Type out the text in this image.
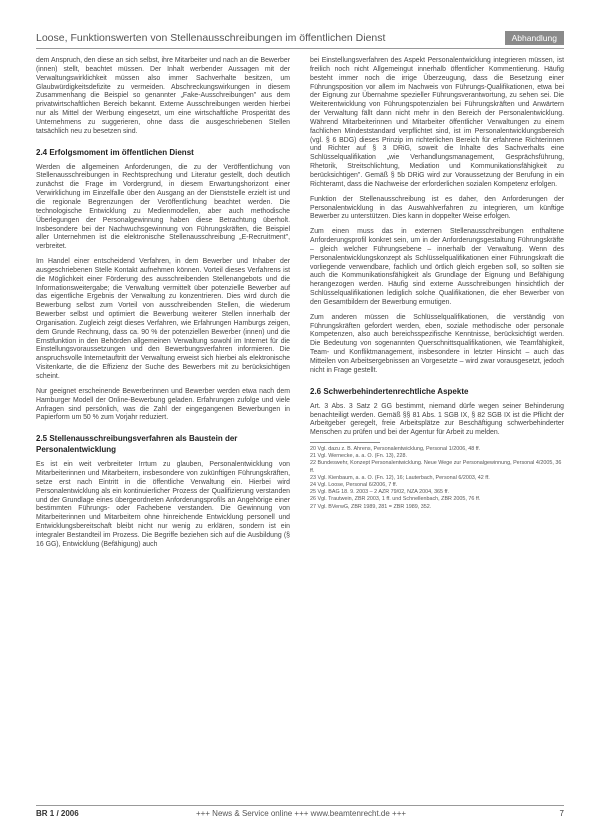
Loose, Funktionswerten von Stellenausschreibungen im öffentlichen Dienst	Abhandlung

dem Anspruch, den diese an sich selbst, ihre Mitarbeiter und nach an die Bewerber (innen) stellt, beachtet müssen. Der Inhalt werbender Aussagen mit der Verwaltungswirklichkeit müssen also immer Sachverhalte besitzen, um Glaubwürdigkeitsdefizite zu vermeiden. Abschreckungswirkungen in diesem Zusammenhang die Beispiel so genannter „Fake-Ausschreibungen" aus dem privatwirtschaftlichen Bereich bekannt. Externe Ausschreibungen werden hierbei nur als Mittel der Werbung eingesetzt, um eine wirtschaftliche Prosperität des Unternehmens zu suggerieren, ohne dass die ausgeschriebenen Stellen tatsächlich neu zu besetzen sind.

2.4 Erfolgsmoment im öffentlichen Dienst

Werden die allgemeinen Anforderungen, die zu der Veröffentlichung von Stellenausschreibungen in Rechtsprechung und Literatur gestellt, doch deutlich zunächst die Frage im Vordergrund, in diesem Erwartungshorizont einer Verwirklichung im Einzelfalle über den Ausgang an der Dienststelle erzielt ist und die regionale Begrenzungen der Veröffentlichung beachtet werden. Die technologische Entwicklung zu Medienmodellen, aber auch methodische Überlegungen der Personalgewinnung haben diese Betrachtung überholt. Insbesondere bei der Nachwuchsgewinnung von Führungskräften, die Beispiel aller Unternehmen ist die elektronische Stellenausschreibung „E-Recruitment", verbreitet.

Im Handel einer entscheidend Verfahren, in dem Bewerber und Inhaber der ausgeschriebenen Stelle Kontakt aufnehmen können. Vorteil dieses Verfahrens ist die Möglichkeit einer Förderung des ausschreibenden Stellenangebots und die Informationsweitergabe; die Verwaltung vermittelt über potenzielle Bewerber auf das eigentliche Ergebnis der Verwaltung zu konzentrieren. Dies wird durch die Bewerbung selbst zum Vorteil von ausschreibenden Stellen, die wiederum Bewerber selbst und optimiert die Bewerbung weiterer Stellen innerhalb der Organisation. Zugleich zeigt dieses Verfahren, wie Erfahrungen Hamburgs zeigen, dem Grunde Rechnung, dass ca. 90 % der potenziellen Bewerber (innen) und die Ernstfunktion in den Behörden allgemeinen Verwaltung sowohl im Internet für die Einstellungsvoraussetzungen und den Bewerbungsverfahren informieren. Die anspruchsvolle Internetauftritt der Verwaltung erweist sich hierbei als elektronische Visitenkarte, die die Effizienz der Suche des Bewerbers mit zu berücksichtigen scheint.

Nur geeignet erscheinende Bewerberinnen und Bewerber werden etwa nach dem Hamburger Modell der Online-Bewerbung geladen. Erfahrungen zufolge und viele Anfragen sind persönlich, was die Zahl der eingegangenen Bewerbungen in Papierform um 50 % zum Vorjahr reduziert.

2.5 Stellenausschreibungsverfahren als Baustein der Personalentwicklung

Es ist ein weit verbreiteter Irrtum zu glauben, Personalentwicklung von Mitarbeiterinnen und Mitarbeitern, insbesondere von zukünftigen Führungskräften, setze erst nach Eintritt in die öffentliche Verwaltung ein. Hierbei wird Personalentwicklung als ein kontinuierlicher Prozess der Qualifizierung verstanden und der Grundlage eines übergeordneten Anforderungsprofils an Angehörige einer bestimmten Führungs- oder Fachebene verstanden. Die Gewinnung von Mitarbeiterinnen und Mitarbeitern ohne hinreichende Entwicklung personell und Entwicklungsbereitschaft bleibt nicht nur wenig zu erklären, sondern ist ein integraler Bestandteil im Prozess. Die Begriffe beziehen sich auf die Ausbildung (§ 16 GG), Entwicklung (Befähigung) auch

bei Einstellungsverfahren des Aspekt Personalentwicklung integrieren müssen, ist freilich noch nicht Allgemeingut innerhalb öffentlicher Kommentierung. Häufig besteht immer noch die irrige Überzeugung, dass die Besetzung einer Führungsposition vor allem im Nachweis von Führungs-Qualifikationen, etwa bei der Eignung zur Übernahme spezieller Führungsverantwortung, zu sehen sei. Die Weiterentwicklung von Führungspotenzialen bei Führungskräften und Anwärtern der Verwaltung fällt dann nicht mehr in den Bereich der Personalentwicklung. Während Mitarbeiterinnen und Mitarbeiter öffentlicher Verwaltungen zu einem fachlichen Mindeststandard verpflichtet sind, ist im Personalentwicklungsbereich (vgl. § 6 BDG) dieses Prinzip im richterlichen Bereich für erfahrene Richterinnen und Richter auf § 3 DRiG, soweit die Inhalte des Sachverhalts eine Schlüsselqualifikation „wie Verhandlungsmanagement, Gesprächsführung, Rhetorik, Streitschlichtung, Mediation und Kommunikationsfähigkeit zu berücksichtigen". Gemäß § 5b DRiG wird zur Voraussetzung der Berufung in ein Richteramt, dass die Nachweise der erforderlichen sozialen Kompetenz erfolgen.

Funktion der Stellenausschreibung ist es daher, den Anforderungen der Personalentwicklung in das Auswahlverfahren zu integrieren, um künftige Bewerber zu unterstützen. Dies kann in doppelter Weise erfolgen.

Zum einen muss das in externen Stellenausschreibungen enthaltene Anforderungsprofil konkret sein, um in der Anforderungsgestaltung Führungskräfte – gleich welcher Führungsebene – innerhalb der Verwaltung. Wenn des Personalentwicklungskonzept als Schlüsselqualifikationen einer Führungskraft die vorliegende verwendbare, fachlich und örtlich gleich ergeben soll, so sollten sie auch die Kommunikationsfähigkeit als Grundlage der Eignung und Befähigung herangezogen werden. Häufig sind externe Ausschreibungen hinsichtlich der Schlüsselqualifikationen lediglich solche Qualifikationen, die eher Bewerber von den Gesamtbildern der Bewerbung ermutigen.

Zum anderen müssen die Schlüsselqualifikationen, die verständig von Führungskräften gefordert werden, eben, soziale methodische oder personale Kompetenzen, also auch bereichsspezifische Kenntnisse, berücksichtigt werden. Die Bedeutung von sogenannten Querschnittsqualifikationen, wie Teamfähigkeit, Team- und Konfliktmanagement, insbesondere in letzter Hinsicht – auch das Mitteilen von Arbeitsergebnissen an Vorgesetzte – wird zwar vorausgesetzt, jedoch nicht in Frage gestellt.

2.6 Schwerbehindertenrechtliche Aspekte

Art. 3 Abs. 3 Satz 2 GG bestimmt, niemand dürfe wegen seiner Behinderung benachteiligt werden. Gemäß §§ 81 Abs. 1 SGB IX, § 82 SGB IX ist die Pflicht der Arbeitgeber geregelt, freie Arbeitsplätze zur Beschäftigung schwerbehinderter Menschen zu prüfen und bei der Agentur für Arbeit zu melden.

20 Vgl. dazu z. B. Ahrens, Personalentwicklung, Personal 1/2006, 48 ff.

21 Vgl. Wernecke, a. a. O. (Fn. 13), 228.

22 Bundeswehr, Konzept Personalentwicklung. Neue Wege zur Personalgewinnung, Personal 4/2005, 36 ff.

23 Vgl. Kienbaum, a. a. O. (Fn. 12), 16; Lauterbach, Personal 6/2003, 42 ff.

24 Vgl. Loose, Personal 6/2006, 7 ff.

25 Vgl. BAG 18. 9. 2003 – 2 AZR 79/02, NZA 2004, 365 ff.

26 Vgl. Trautwein, ZBR 2003, 1 ff. und Schnellenbach, ZBR 2005, 76 ff.

27 Vgl. BVerwG, ZBR 1989, 281 = ZBR 1989, 352.

BR 1 / 2006	+++ News & Service online +++ www.beamtenrecht.de +++	7
